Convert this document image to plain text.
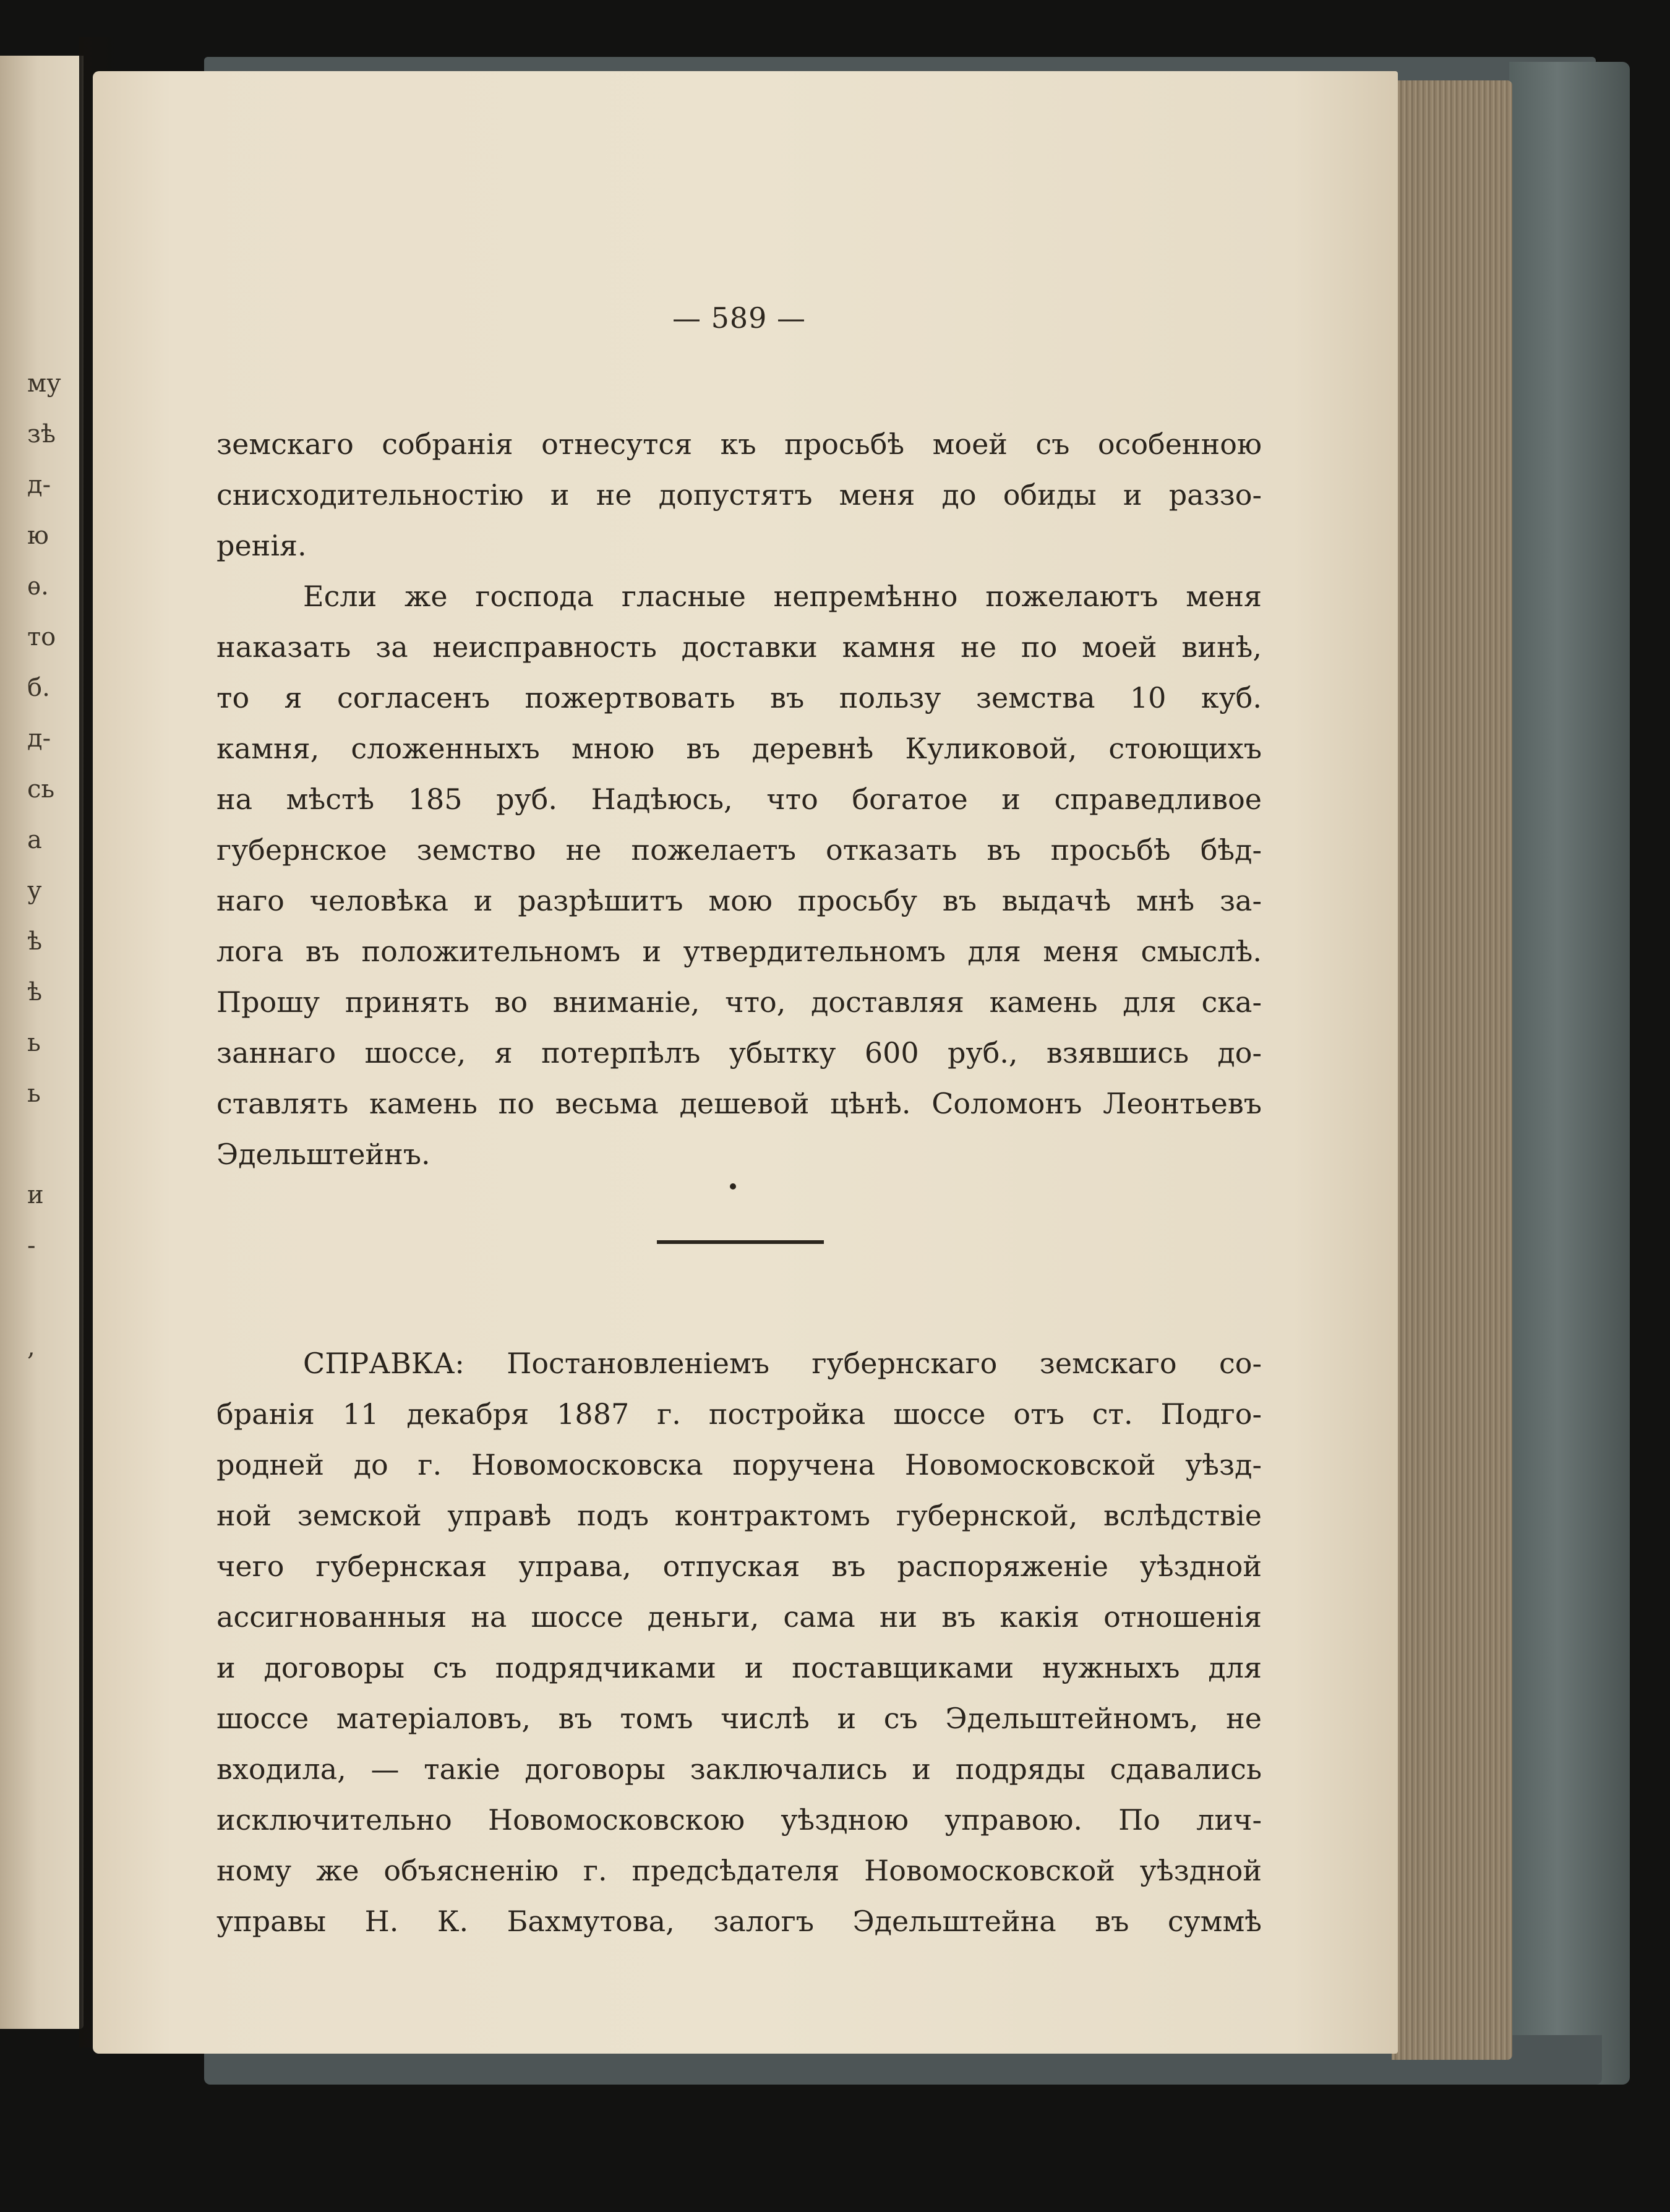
му
зѣ
д-
ю
ѳ.
то
б.
д-
сь
а
у
ѣ
ѣ
ь
ь
и
-
,
— 589 —
земскаго собранія отнесутся къ просьбѣ моей съ особенною
снисходительностію и не допустятъ меня до обиды и раззо-
ренія.
Если же господа гласные непремѣнно пожелаютъ меня
наказать за неисправность доставки камня не по моей винѣ,
то я согласенъ пожертвовать въ пользу земства 10 куб.
камня, сложенныхъ мною въ деревнѣ Куликовой, стоющихъ
на мѣстѣ 185 руб. Надѣюсь, что богатое и справедливое
губернское земство не пожелаетъ отказать въ просьбѣ бѣд-
наго человѣка и разрѣшитъ мою просьбу въ выдачѣ мнѣ за-
лога въ положительномъ и утвердительномъ для меня смыслѣ.
Прошу принять во вниманіе, что, доставляя камень для ска-
заннаго шоссе, я потерпѣлъ убытку 600 руб., взявшись до-
ставлять камень по весьма дешевой цѣнѣ. Соломонъ Леонтьевъ
Эдельштейнъ.
СПРАВКА: Постановленіемъ губернскаго земскаго со-
бранія 11 декабря 1887 г. постройка шоссе отъ ст. Подго-
родней до г. Новомосковска поручена Новомосковской уѣзд-
ной земской управѣ подъ контрактомъ губернской, вслѣдствіе
чего губернская управа, отпуская въ распоряженіе уѣздной
ассигнованныя на шоссе деньги, сама ни въ какія отношенія
и договоры съ подрядчиками и поставщиками нужныхъ для
шоссе матеріаловъ, въ томъ числѣ и съ Эдельштейномъ, не
входила, — такіе договоры заключались и подряды сдавались
исключительно Новомосковскою уѣздною управою. По лич-
ному же объясненію г. предсѣдателя Новомосковской уѣздной
управы Н. К. Бахмутова, залогъ Эдельштейна въ суммѣ
